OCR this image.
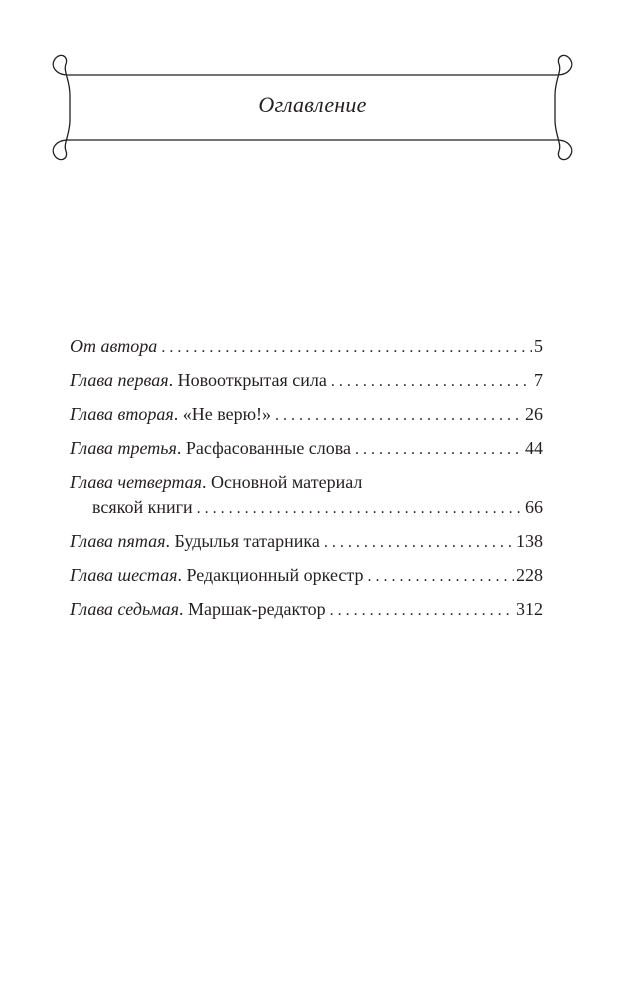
Оглавление
От автора . . .	5
Глава первая . Новооткрытая сила . . .	7
Глава вторая . «Не верю!» . . .	26
Глава третья . Расфасованные слова . . .	44
Глава четвертая. Основной материал
всякой книги . . .	66
Глава пятая . Будылья татарника . . .	138
Глава шестая . Редакционный оркестр . . .	228
Глава седьмая . Маршак-редактор . . .	312
